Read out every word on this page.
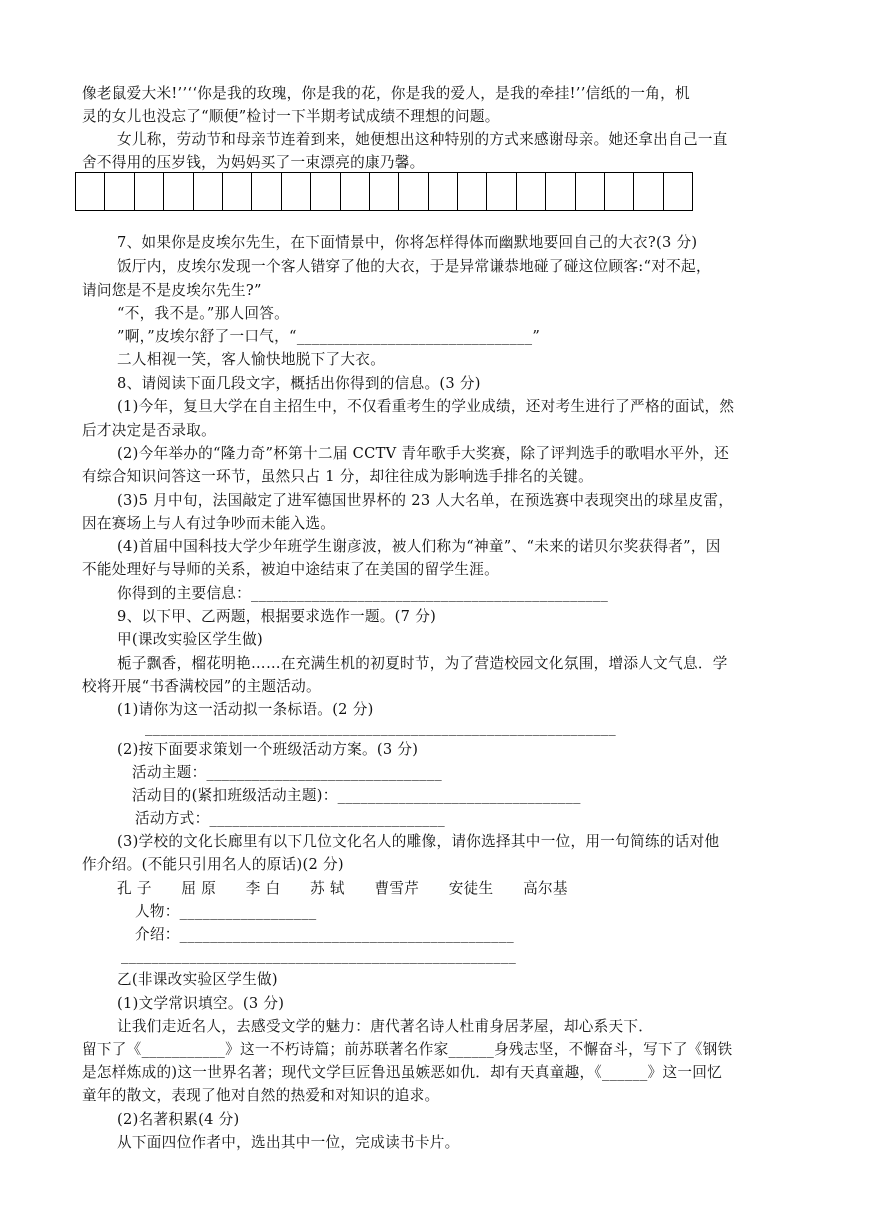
像老鼠爱大米!’’‘‘你是我的玫瑰，你是我的花，你是我的爱人，是我的牵挂!’’信纸的一角，机
灵的女儿也没忘了“顺便”检讨一下半期考试成绩不理想的问题。
女儿称，劳动节和母亲节连着到来，她便想出这种特别的方式来感谢母亲。她还拿出自己一直
舍不得用的压岁钱，为妈妈买了一束漂亮的康乃馨。
7、如果你是皮埃尔先生，在下面情景中，你将怎样得体而幽默地要回自己的大衣?(3 分)
饭厅内，皮埃尔发现一个客人错穿了他的大衣，于是异常谦恭地碰了碰这位顾客:“对不起，
请问您是不是皮埃尔先生?”
“不，我不是。”那人回答。
”啊，”皮埃尔舒了一口气，“_______________________________”
二人相视一笑，客人愉快地脱下了大衣。
8、请阅读下面几段文字，概括出你得到的信息。(3 分)
(1)今年，复旦大学在自主招生中，不仅看重考生的学业成绩，还对考生进行了严格的面试，然
后才决定是否录取。
(2)今年举办的“隆力奇”杯第十二届 CCTV 青年歌手大奖赛，除了评判选手的歌唱水平外，还
有综合知识问答这一环节，虽然只占 1 分，却往往成为影响选手排名的关键。
(3)5 月中旬，法国敲定了进军德国世界杯的 23 人大名单，在预选赛中表现突出的球星皮雷，
因在赛场上与人有过争吵而未能入选。
(4)首届中国科技大学少年班学生谢彦波，被人们称为“神童”、“未来的诺贝尔奖获得者”，因
不能处理好与导师的关系，被迫中途结束了在美国的留学生涯。
你得到的主要信息：_______________________________________________
9、以下甲、乙两题，根据要求选作一题。(7 分)
甲(课改实验区学生做)
栀子飘香，榴花明艳……在充满生机的初夏时节，为了营造校园文化氛围，增添人文气息．学
校将开展“书香满校园”的主题活动。
(1)请你为这一活动拟一条标语。(2 分)
______________________________________________________________
(2)按下面要求策划一个班级活动方案。(3 分)
活动主题：_______________________________
活动目的(紧扣班级活动主题)：________________________________
活动方式：_______________________________
(3)学校的文化长廊里有以下几位文化名人的雕像，请你选择其中一位，用一句简练的话对他
作介绍。(不能只引用名人的原话)(2 分)
孔 子      屈 原      李 白      苏 轼      曹雪芹      安徒生      高尔基
人物：__________________
介绍：____________________________________________
____________________________________________________
乙(非课改实验区学生做)
(1)文学常识填空。(3 分)
让我们走近名人，去感受文学的魅力：唐代著名诗人杜甫身居茅屋，却心系天下．
留下了《___________》这一不朽诗篇；前苏联著名作家______身残志坚，不懈奋斗，写下了《钢铁
是怎样炼成的)这一世界名著；现代文学巨匠鲁迅虽嫉恶如仇．却有天真童趣，《______》这一回忆
童年的散文，表现了他对自然的热爱和对知识的追求。
(2)名著积累(4 分)
从下面四位作者中，选出其中一位，完成读书卡片。
